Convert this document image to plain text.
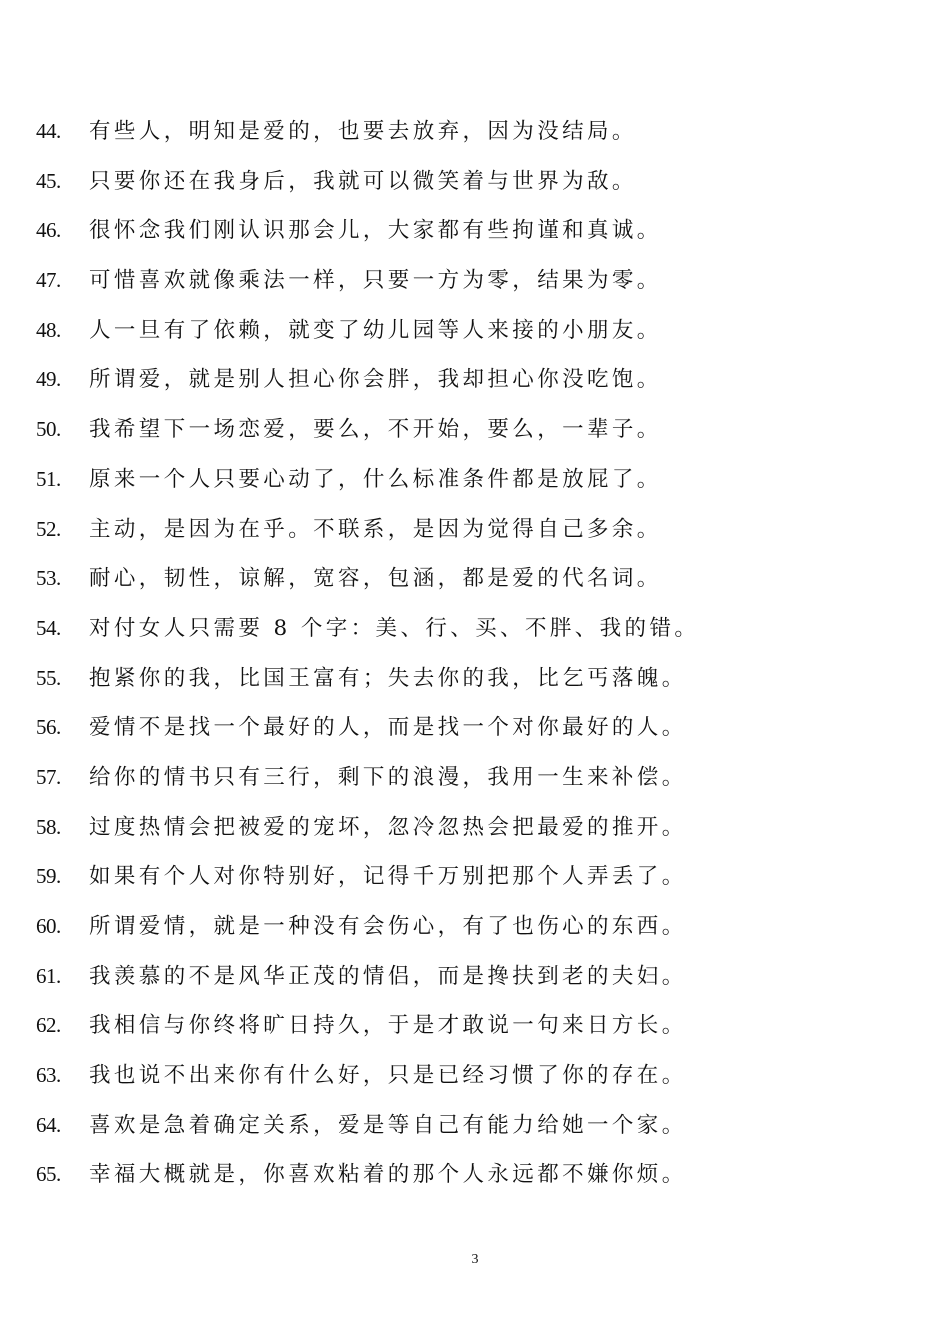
44. 有些人，明知是爱的，也要去放弃，因为没结局。
45. 只要你还在我身后，我就可以微笑着与世界为敌。
46. 很怀念我们刚认识那会儿，大家都有些拘谨和真诚。
47. 可惜喜欢就像乘法一样，只要一方为零，结果为零。
48. 人一旦有了依赖，就变了幼儿园等人来接的小朋友。
49. 所谓爱，就是别人担心你会胖，我却担心你没吃饱。
50. 我希望下一场恋爱，要么，不开始，要么，一辈子。
51. 原来一个人只要心动了，什么标准条件都是放屁了。
52. 主动，是因为在乎。不联系，是因为觉得自己多余。
53. 耐心，韧性，谅解，宽容，包涵，都是爱的代名词。
54. 对付女人只需要 8 个字：美、行、买、不胖、我的错。
55. 抱紧你的我，比国王富有；失去你的我，比乞丐落魄。
56. 爱情不是找一个最好的人，而是找一个对你最好的人。
57. 给你的情书只有三行，剩下的浪漫，我用一生来补偿。
58. 过度热情会把被爱的宠坏，忽冷忽热会把最爱的推开。
59. 如果有个人对你特别好，记得千万别把那个人弄丢了。
60. 所谓爱情，就是一种没有会伤心，有了也伤心的东西。
61. 我羡慕的不是风华正茂的情侣，而是搀扶到老的夫妇。
62. 我相信与你终将旷日持久，于是才敢说一句来日方长。
63. 我也说不出来你有什么好，只是已经习惯了你的存在。
64. 喜欢是急着确定关系，爱是等自己有能力给她一个家。
65. 幸福大概就是，你喜欢粘着的那个人永远都不嫌你烦。
3
